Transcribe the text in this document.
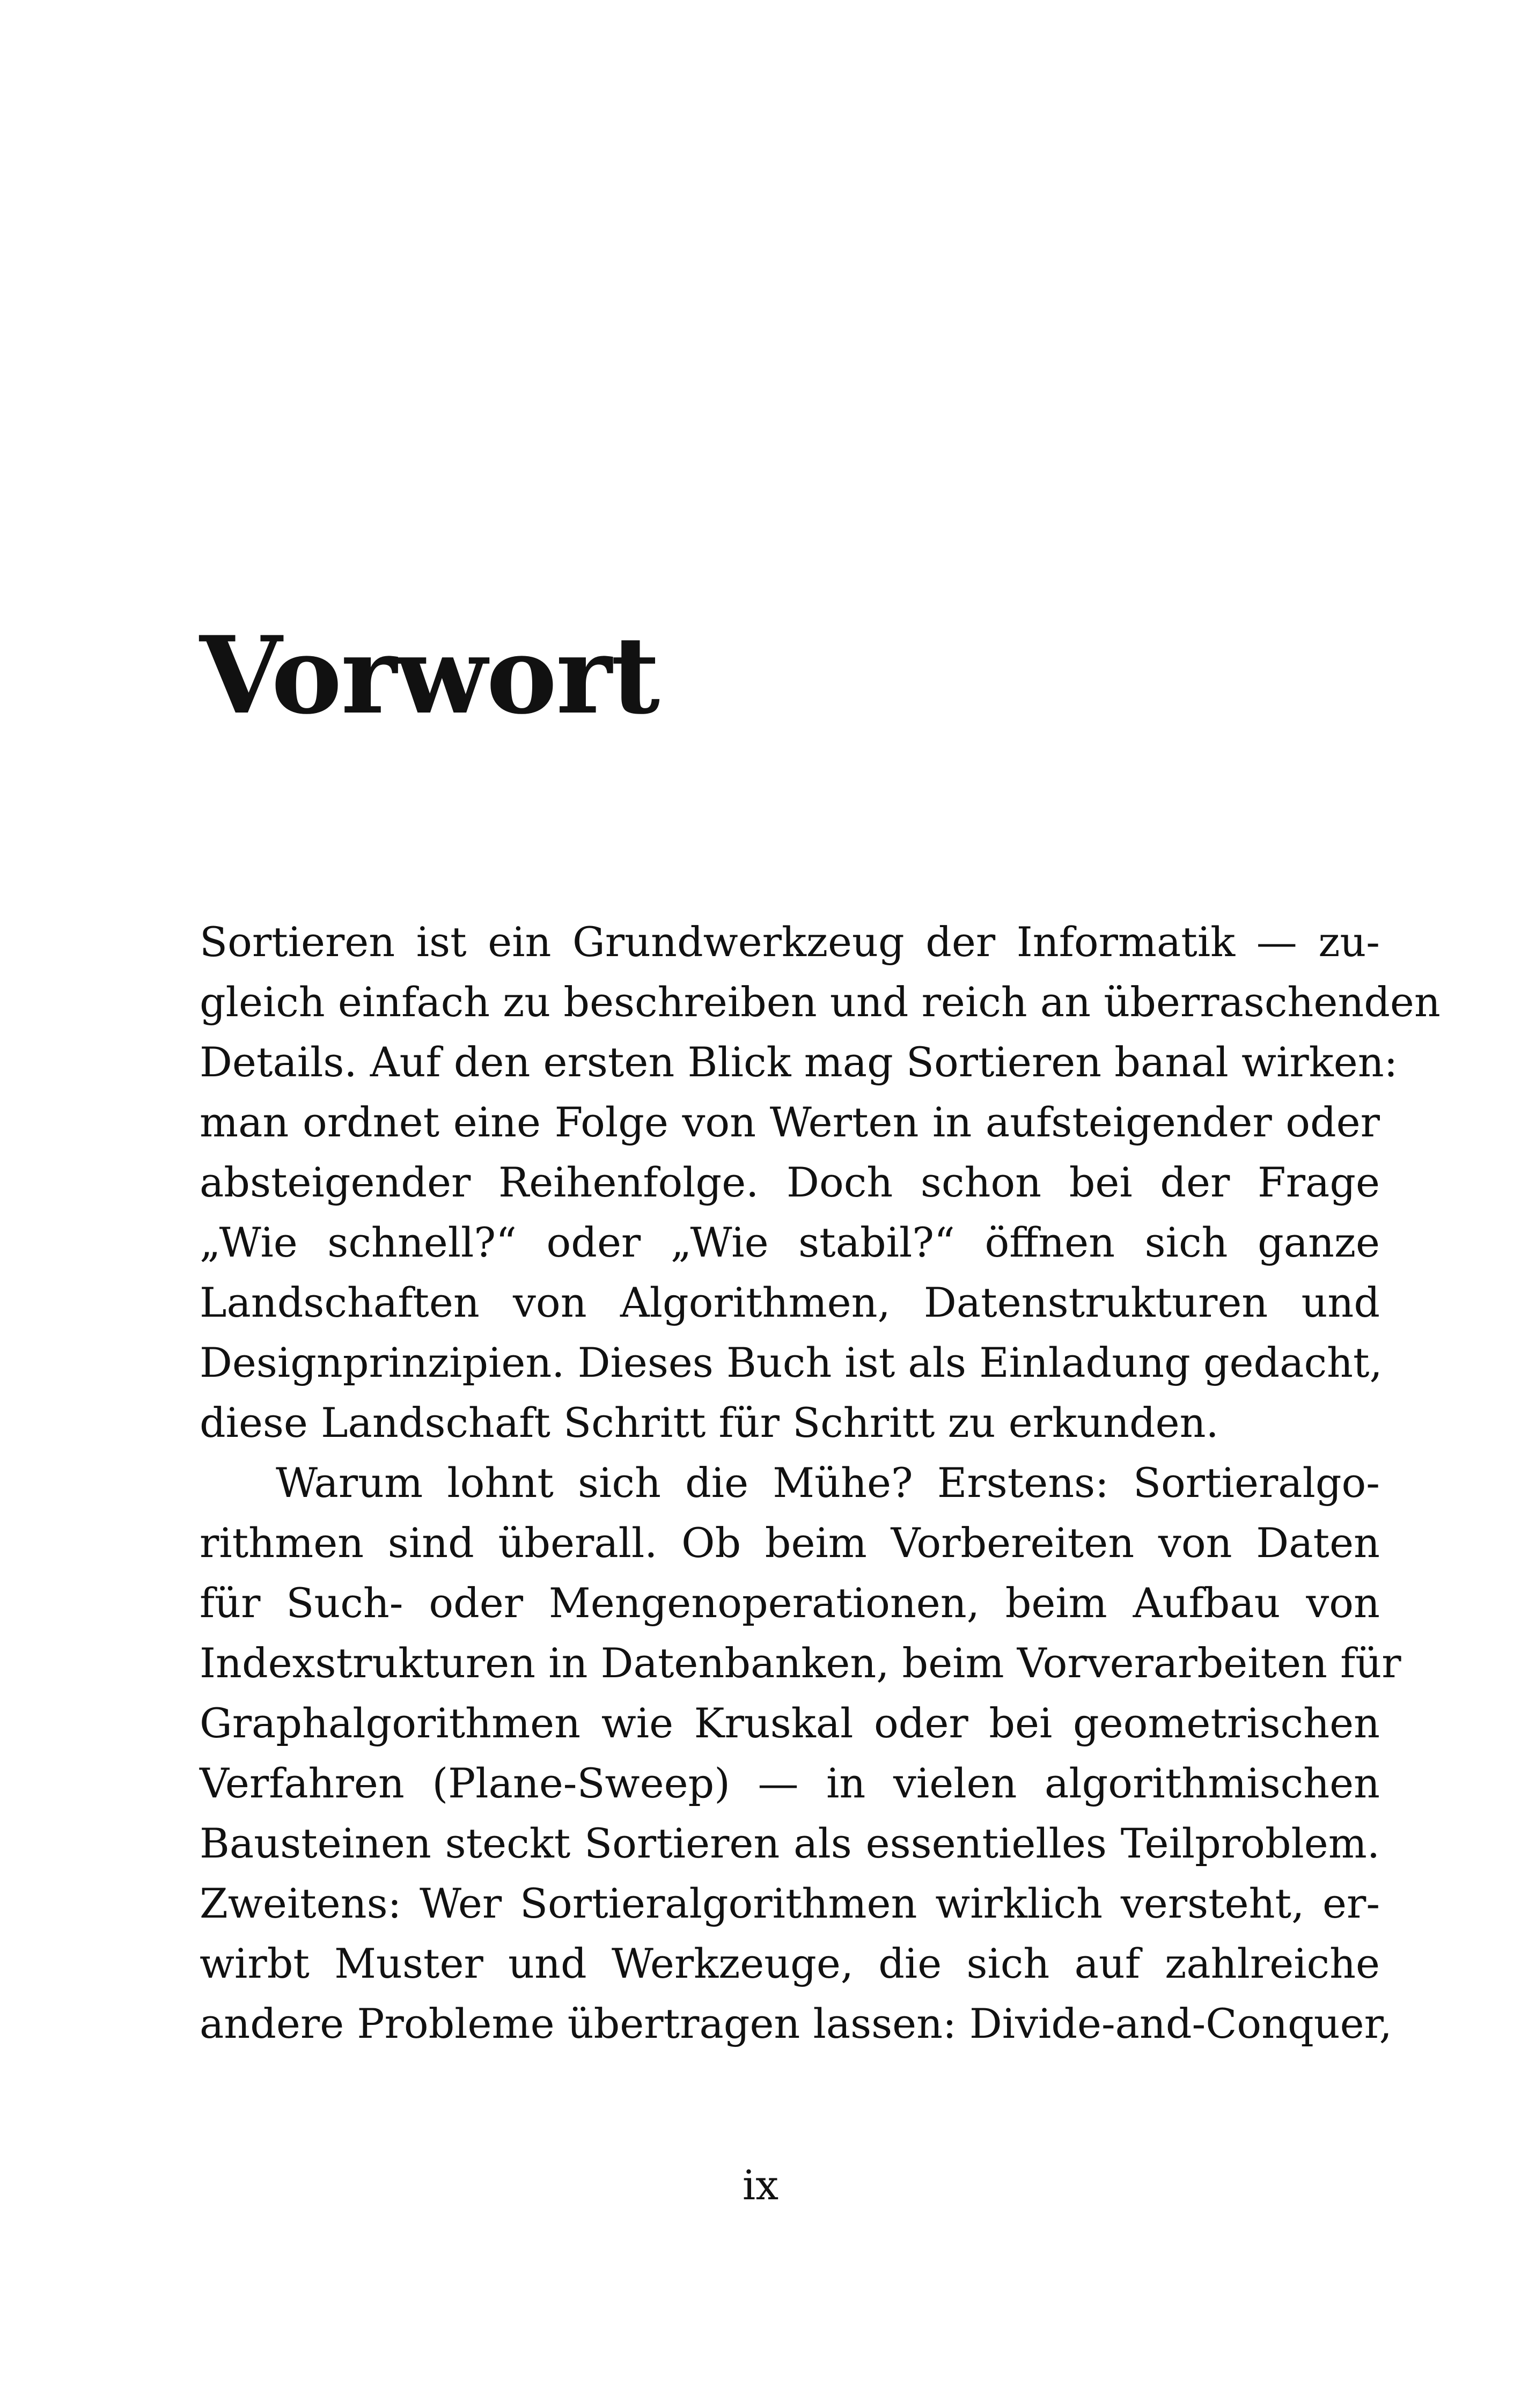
Vorwort
Sortieren ist ein Grundwerkzeug der Informatik — zu-
gleich einfach zu beschreiben und reich an überraschenden
Details. Auf den ersten Blick mag Sortieren banal wirken:
man ordnet eine Folge von Werten in aufsteigender oder
absteigender Reihenfolge. Doch schon bei der Frage
„Wie schnell?“ oder „Wie stabil?“ öffnen sich ganze
Landschaften von Algorithmen, Datenstrukturen und
Designprinzipien. Dieses Buch ist als Einladung gedacht,
diese Landschaft Schritt für Schritt zu erkunden.
Warum lohnt sich die Mühe? Erstens: Sortieralgo-
rithmen sind überall. Ob beim Vorbereiten von Daten
für Such- oder Mengenoperationen, beim Aufbau von
Indexstrukturen in Datenbanken, beim Vorverarbeiten für
Graphalgorithmen wie Kruskal oder bei geometrischen
Verfahren (Plane-Sweep) — in vielen algorithmischen
Bausteinen steckt Sortieren als essentielles Teilproblem.
Zweitens: Wer Sortieralgorithmen wirklich versteht, er-
wirbt Muster und Werkzeuge, die sich auf zahlreiche
andere Probleme übertragen lassen: Divide-and-Conquer,
ix
